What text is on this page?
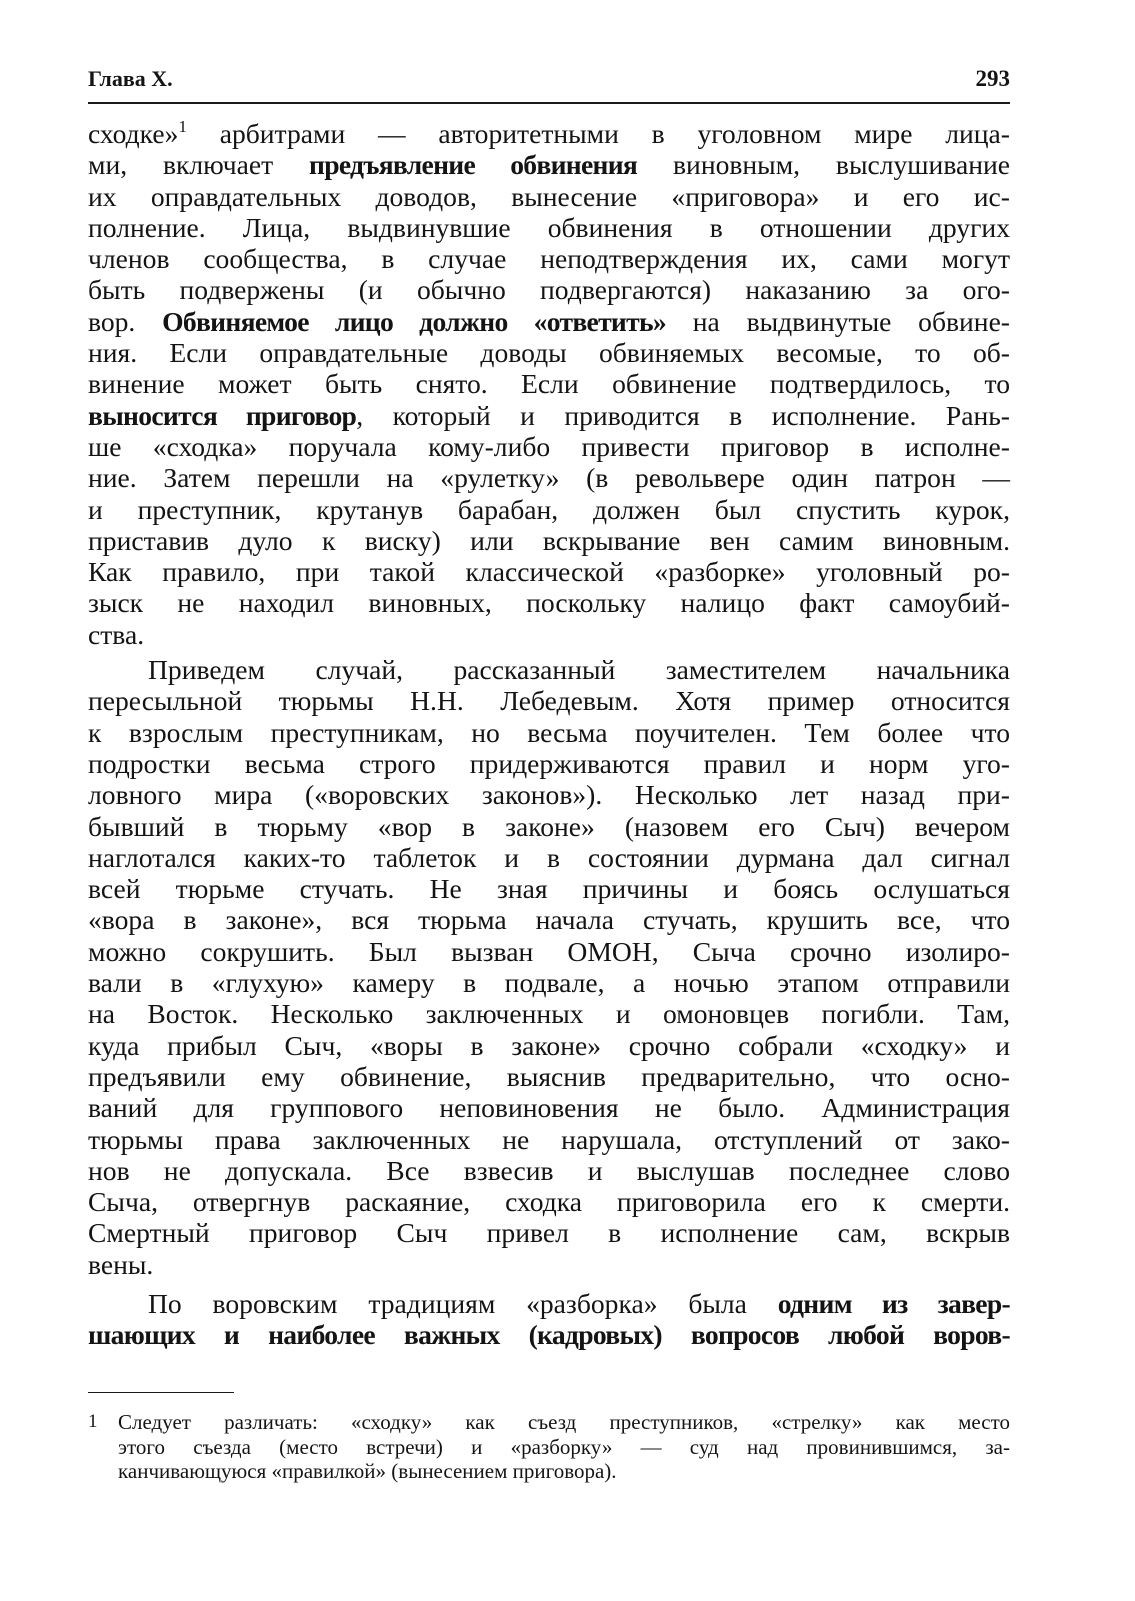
Глава X.	293
сходке»$^1$ арбитрами — авторитетными в уголовном мире лица-
ми, включает предъявление обвинения виновным, выслушивание
их оправдательных доводов, вынесение «приговора» и его ис-
полнение. Лица, выдвинувшие обвинения в отношении других
членов сообщества, в случае неподтверждения их, сами могут
быть подвержены (и обычно подвергаются) наказанию за ого-
вор. Обвиняемое лицо должно «ответить» на выдвинутые обвине-
ния. Если оправдательные доводы обвиняемых весомые, то об-
винение может быть снято. Если обвинение подтвердилось, то
выносится приговор, который и приводится в исполнение. Рань-
ше «сходка» поручала кому-либо привести приговор в исполне-
ние. Затем перешли на «рулетку» (в револьвере один патрон —
и преступник, крутанув барабан, должен был спустить курок,
приставив дуло к виску) или вскрывание вен самим виновным.
Как правило, при такой классической «разборке» уголовный ро-
зыск не находил виновных, поскольку налицо факт самоубий-
ства.
Приведем случай, рассказанный заместителем начальника
пересыльной тюрьмы Н.Н. Лебедевым. Хотя пример относится
к взрослым преступникам, но весьма поучителен. Тем более что
подростки весьма строго придерживаются правил и норм уго-
ловного мира («воровских законов»). Несколько лет назад при-
бывший в тюрьму «вор в законе» (назовем его Сыч) вечером
наглотался каких-то таблеток и в состоянии дурмана дал сигнал
всей тюрьме стучать. Не зная причины и боясь ослушаться
«вора в законе», вся тюрьма начала стучать, крушить все, что
можно сокрушить. Был вызван ОМОН, Сыча срочно изолиро-
вали в «глухую» камеру в подвале, а ночью этапом отправили
на Восток. Несколько заключенных и омоновцев погибли. Там,
куда прибыл Сыч, «воры в законе» срочно собрали «сходку» и
предъявили ему обвинение, выяснив предварительно, что осно-
ваний для группового неповиновения не было. Администрация
тюрьмы права заключенных не нарушала, отступлений от зако-
нов не допускала. Все взвесив и выслушав последнее слово
Сыча, отвергнув раскаяние, сходка приговорила его к смерти.
Смертный приговор Сыч привел в исполнение сам, вскрыв
вены.
По воровским традициям «разборка» была одним из завер-
шающих и наиболее важных (кадровых) вопросов любой воров-
1 Следует различать: «сходку» как съезд преступников, «стрелку» как место
этого съезда (место встречи) и «разборку» — суд над провинившимся, за-
канчивающуюся «правилкой» (вынесением приговора).
